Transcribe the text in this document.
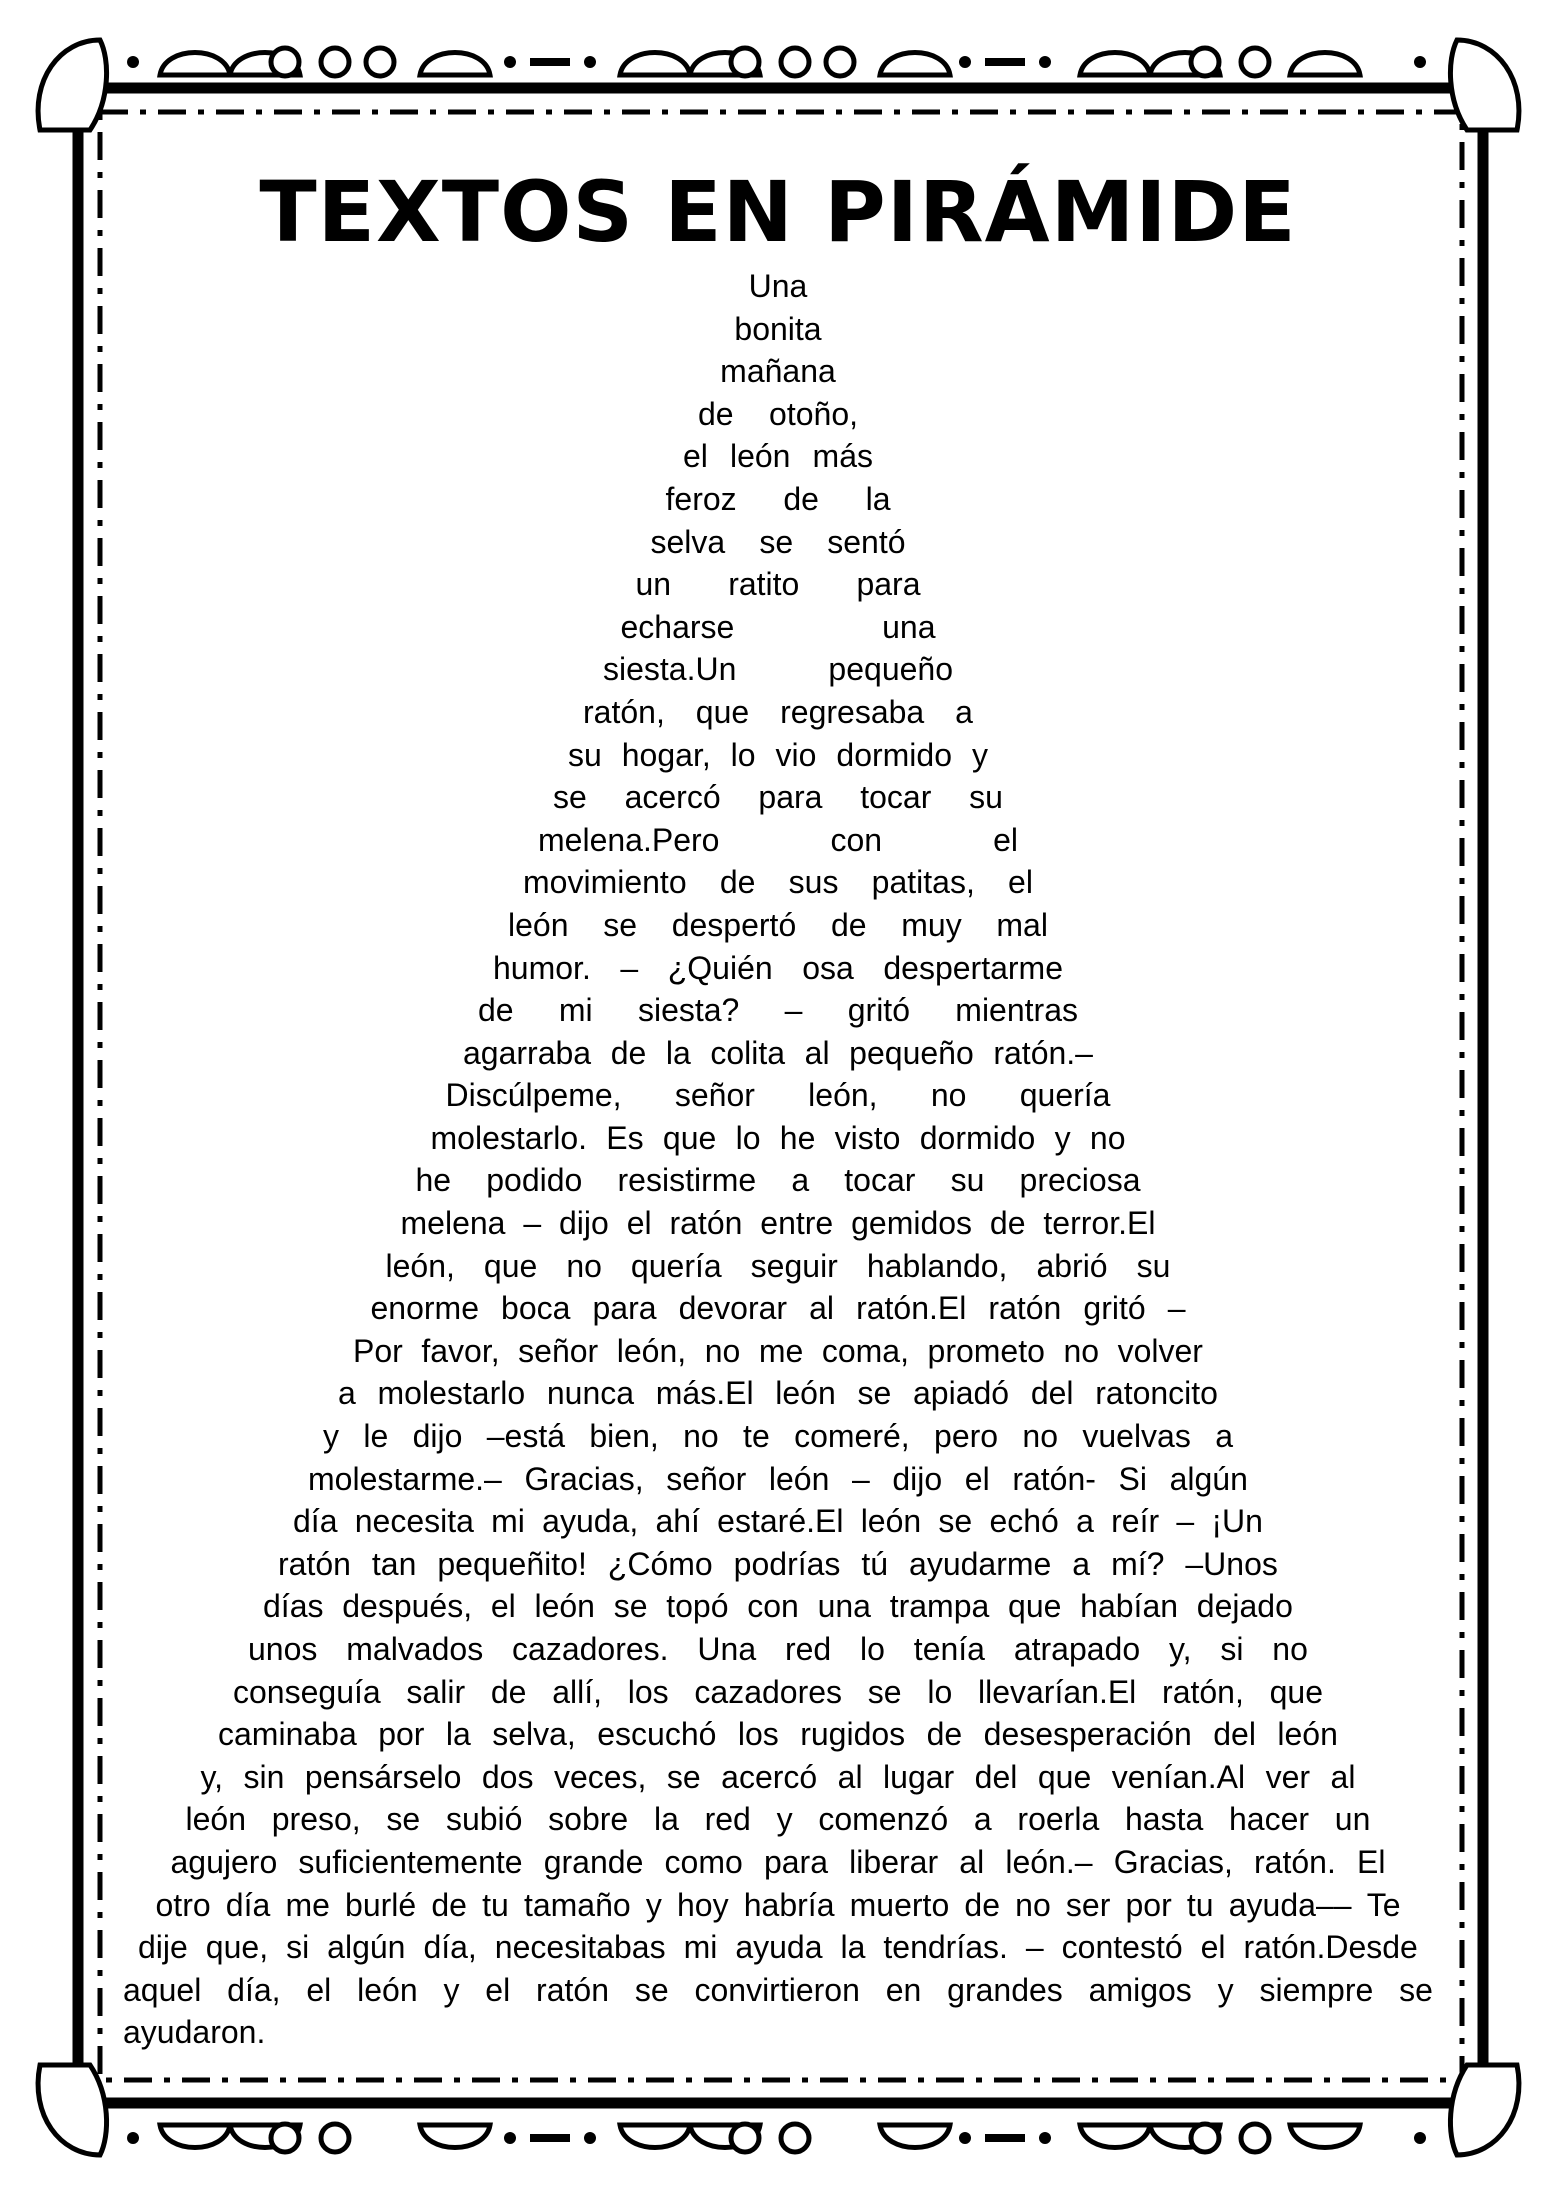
TEXTOS EN PIRÁMIDE
Una
bonita
mañana
de otoño,
el león más
feroz de la
selva se sentó
un ratito para
echarse	una
siesta.Un	pequeño
ratón, que regresaba a
su hogar, lo vio dormido y
se acercó para tocar su
melena.Pero	con	el
movimiento de sus patitas, el
león se despertó de muy mal
humor. – ¿Quién osa despertarme
de mi siesta? – gritó mientras
agarraba de la colita al pequeño ratón.–
Discúlpeme, señor león, no quería
molestarlo. Es que lo he visto dormido y no
he podido resistirme a tocar su preciosa
melena – dijo el ratón entre gemidos de terror.El
león, que no quería seguir hablando, abrió su
enorme boca para devorar al ratón.El ratón gritó –
Por favor, señor león, no me coma, prometo no volver
a molestarlo nunca más.El león se apiadó del ratoncito
y le dijo –está bien, no te comeré, pero no vuelvas a
molestarme.– Gracias, señor león – dijo el ratón- Si algún
día necesita mi ayuda, ahí estaré.El león se echó a reír – ¡Un
ratón tan pequeñito! ¿Cómo podrías tú ayudarme a mí? –Unos
días después, el león se topó con una trampa que habían dejado
unos malvados cazadores. Una red lo tenía atrapado y, si no
conseguía salir de allí, los cazadores se lo llevarían.El ratón, que
caminaba por la selva, escuchó los rugidos de desesperación del león
y, sin pensárselo dos veces, se acercó al lugar del que venían.Al ver al
león preso, se subió sobre la red y comenzó a roerla hasta hacer un
agujero suficientemente grande como para liberar al león.– Gracias, ratón. El
otro día me burlé de tu tamaño y hoy habría muerto de no ser por tu ayuda–– Te
dije que, si algún día, necesitabas mi ayuda la tendrías. – contestó el ratón.Desde
aquel día, el león y el ratón se convirtieron en grandes amigos y siempre se
ayudaron.
